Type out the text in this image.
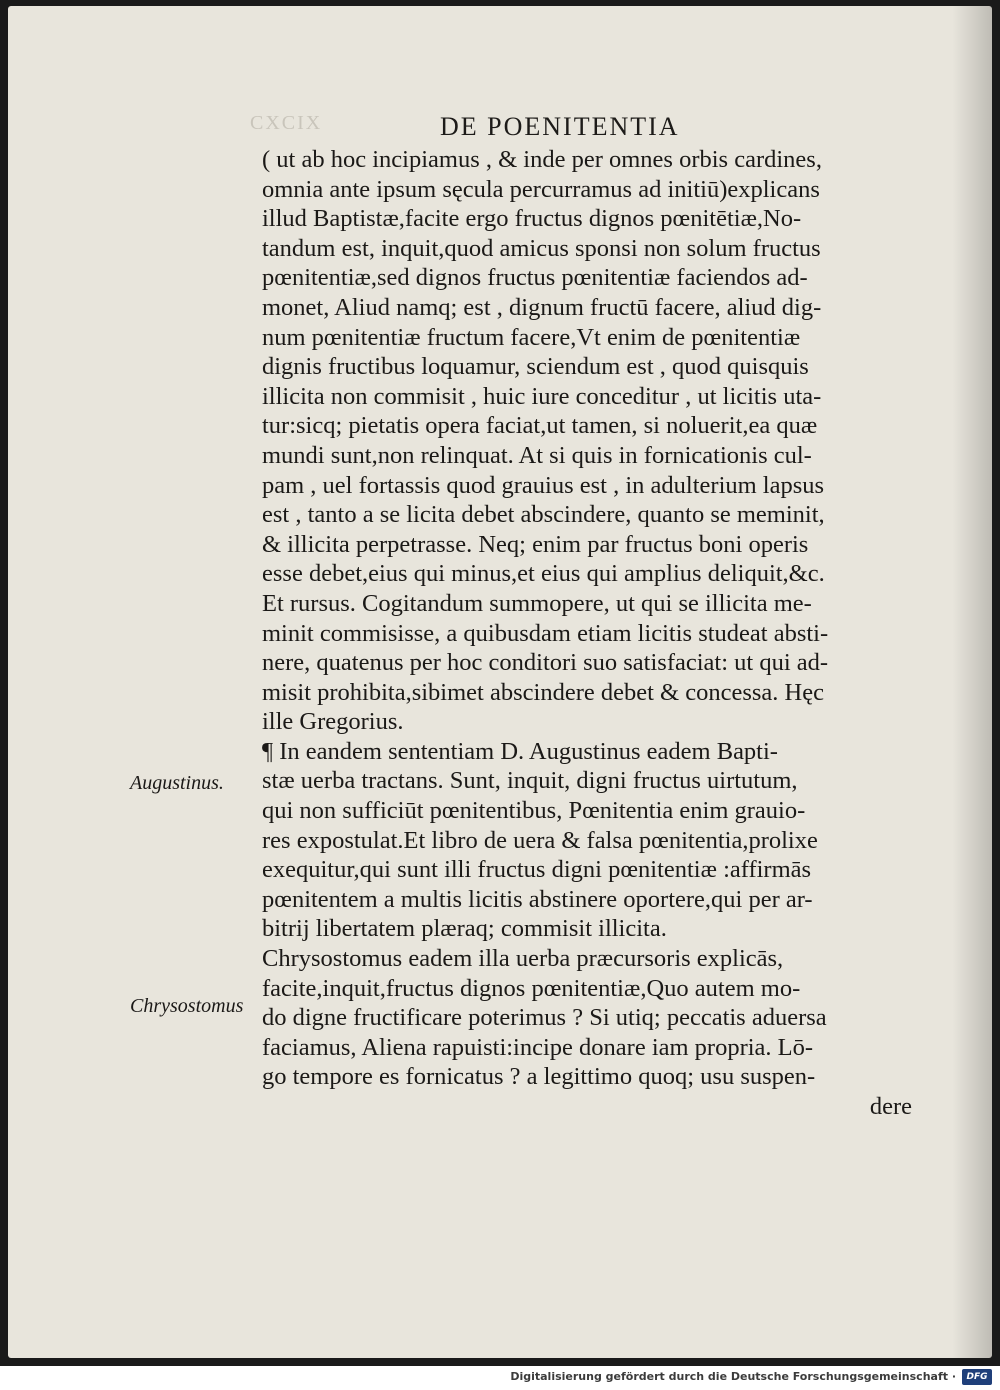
CXCIX	DE POENITENTIA
Augustinus.
Chrysostomus
( ut ab hoc incipiamus , & inde per omnes orbis cardines,
omnia ante ipsum sęcula percurramus ad initiū)explicans
illud Baptistæ,facite ergo fructus dignos pœnitētiæ,No-
tandum est, inquit,quod amicus sponsi non solum fructus
pœnitentiæ,sed dignos fructus pœnitentiæ faciendos ad-
monet, Aliud namq; est , dignum fructū facere, aliud dig-
num pœnitentiæ fructum facere,Vt enim de pœnitentiæ
dignis fructibus loquamur, sciendum est , quod quisquis
illicita non commisit , huic iure conceditur , ut licitis uta-
tur:sicq; pietatis opera faciat,ut tamen, si noluerit,ea quæ
mundi sunt,non relinquat. At si quis in fornicationis cul-
pam , uel fortassis quod grauius est , in adulterium lapsus
est , tanto a se licita debet abscindere, quanto se meminit,
& illicita perpetrasse. Neq; enim par fructus boni operis
esse debet,eius qui minus,et eius qui amplius deliquit,&c.
Et rursus. Cogitandum summopere, ut qui se illicita me-
minit commisisse, a quibusdam etiam licitis studeat absti-
nere, quatenus per hoc conditori suo satisfaciat: ut qui ad-
misit prohibita,sibimet abscindere debet & concessa. Hęc
ille Gregorius.
¶ In eandem sententiam D. Augustinus eadem Bapti-
stæ uerba tractans. Sunt, inquit, digni fructus uirtutum,
qui non sufficiūt pœnitentibus, Pœnitentia enim grauio-
res expostulat.Et libro de uera & falsa pœnitentia,prolixe
exequitur,qui sunt illi fructus digni pœnitentiæ :affirmās
pœnitentem a multis licitis abstinere oportere,qui per ar-
bitrij libertatem plæraq; commisit illicita.
Chrysostomus eadem illa uerba præcursoris explicās,
facite,inquit,fructus dignos pœnitentiæ,Quo autem mo-
do digne fructificare poterimus ? Si utiq; peccatis aduersa
faciamus, Aliena rapuisti:incipe donare iam propria. Lō-
go tempore es fornicatus ? a legittimo quoq; usu suspen-
dere
Digitalisierung gefördert durch die Deutsche Forschungsgemeinschaft ·	DFG
